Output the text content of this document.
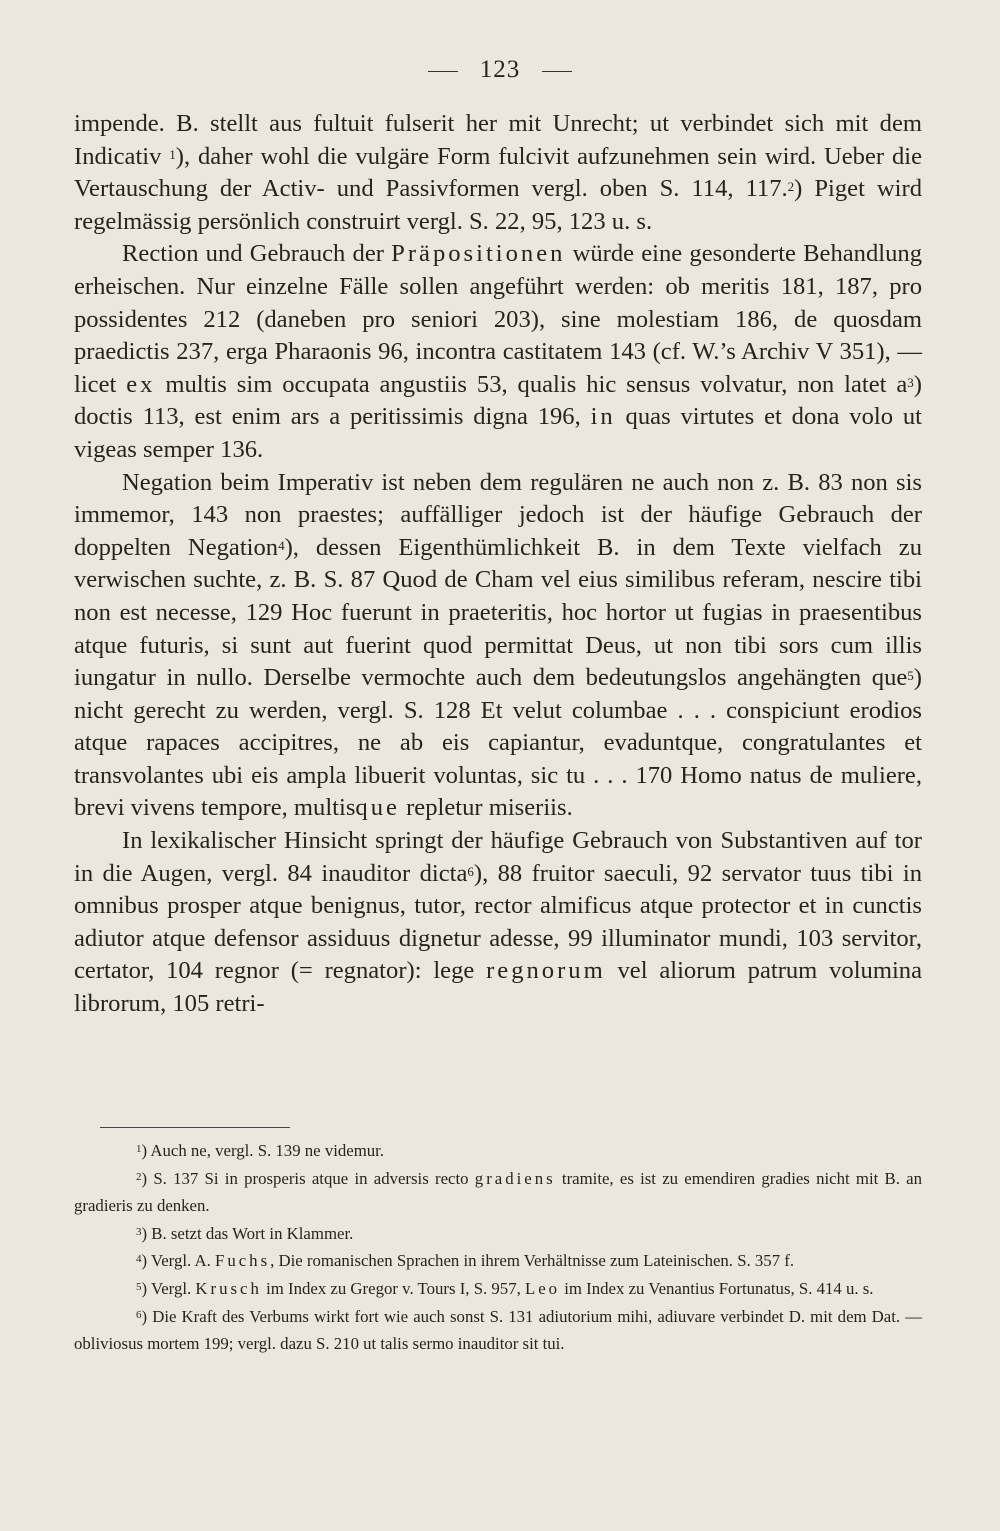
123

impende. B. stellt aus fultuit fulserit her mit Unrecht; ut verbindet sich mit dem Indicativ $^1$), daher wohl die vulgäre Form fulcivit aufzunehmen sein wird. Ueber die Vertauschung der Activ- und Passivformen vergl. oben S. 114, 117.$^2$) Piget wird regelmässig persönlich construirt vergl. S. 22, 95, 123 u. s.

Rection und Gebrauch der Präpositionen würde eine gesonderte Behandlung erheischen. Nur einzelne Fälle sollen angeführt werden: ob meritis 181, 187, pro possidentes 212 (daneben pro seniori 203), sine molestiam 186, de quosdam praedictis 237, erga Pharaonis 96, incontra castitatem 143 (cf. W.’s Archiv V 351), — licet ex multis sim occupata angustiis 53, qualis hic sensus volvatur, non latet $a^3$) doctis 113, est enim ars a peritissimis digna 196, in quas virtutes et dona volo ut vigeas semper 136.

Negation beim Imperativ ist neben dem regulären ne auch non z. B. 83 non sis immemor, 143 non praestes; auffälliger jedoch ist der häufige Gebrauch der doppelten Negation$^4$), dessen Eigenthümlichkeit B. in dem Texte vielfach zu verwischen suchte, z. B. S. 87 Quod de Cham vel eius similibus referam, nescire tibi non est necesse, 129 Hoc fuerunt in praeteritis, hoc hortor ut fugias in praesentibus atque futuris, si sunt aut fuerint quod permittat Deus, ut non tibi sors cum illis iungatur in nullo. Derselbe vermochte auch dem bedeutungslos angehängten que$^5$) nicht gerecht zu werden, vergl. S. 128 Et velut columbae . . . conspiciunt erodios atque rapaces accipitres, ne ab eis capiantur, evaduntque, congratulantes et transvolantes ubi eis ampla libuerit voluntas, sic tu . . . 170 Homo natus de muliere, brevi vivens tempore, multisque repletur miseriis.

In lexikalischer Hinsicht springt der häufige Gebrauch von Substantiven auf tor in die Augen, vergl. 84 inauditor dicta$^6$), 88 fruitor saeculi, 92 servator tuus tibi in omnibus prosper atque benignus, tutor, rector almificus atque protector et in cunctis adiutor atque defensor assiduus dignetur adesse, 99 illuminator mundi, 103 servitor, certator, 104 regnor (= regnator): lege regnorum vel aliorum patrum volumina librorum, 105 retri-

$^1$) Auch ne, vergl. S. 139 ne videmur.

$^2$) S. 137 Si in prosperis atque in adversis recto gradiens tramite, es ist zu emendiren gradies nicht mit B. an gradieris zu denken.

$^3$) B. setzt das Wort in Klammer.

$^4$) Vergl. A. Fuchs, Die romanischen Sprachen in ihrem Verhältnisse zum Lateinischen. S. 357 f.

$^5$) Vergl. Krusch im Index zu Gregor v. Tours I, S. 957, Leo im Index zu Venantius Fortunatus, S. 414 u. s.

$^6$) Die Kraft des Verbums wirkt fort wie auch sonst S. 131 adiutorium mihi, adiuvare verbindet D. mit dem Dat. — obliviosus mortem 199; vergl. dazu S. 210 ut talis sermo inauditor sit tui.
